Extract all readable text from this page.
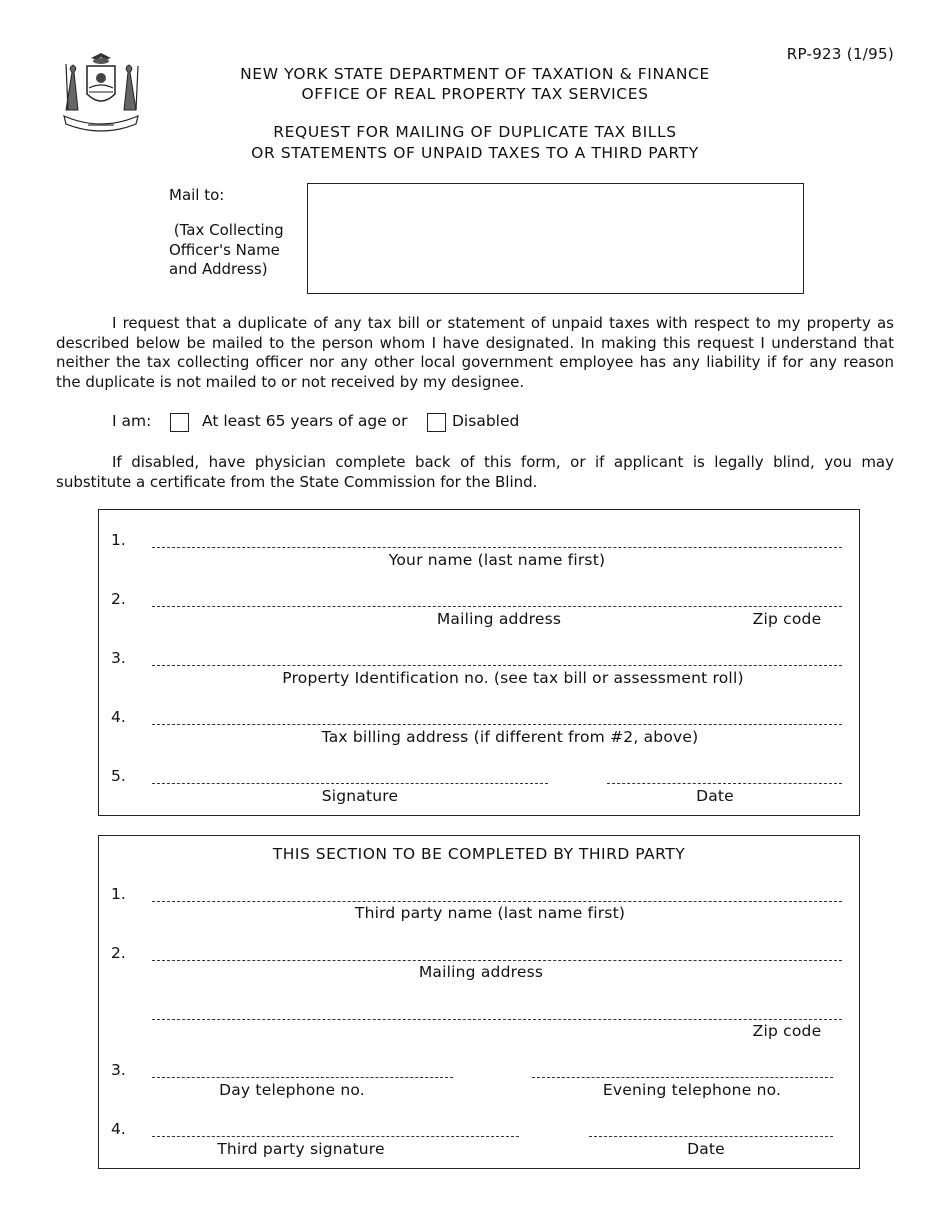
RP-923 (1/95)
NEW YORK STATE DEPARTMENT OF TAXATION & FINANCE
OFFICE OF REAL PROPERTY TAX SERVICES
REQUEST FOR MAILING OF DUPLICATE TAX BILLS
OR STATEMENTS OF UNPAID TAXES TO A THIRD PARTY
Mail to:
(Tax Collecting
Officer's Name
and Address)
I request that a duplicate of any tax bill or statement of unpaid taxes with respect to my property as described below be mailed to the person whom I have designated. In making this request I understand that neither the tax collecting officer nor any other local government employee has any liability if for any reason the duplicate is not mailed to or not received by my designee.
I am:	At least 65 years of age or	Disabled
If disabled, have physician complete back of this form, or if applicant is legally blind, you may substitute a certificate from the State Commission for the Blind.
1.
Your name (last name first)
2.
Mailing address	Zip code
3.
Property Identification no. (see tax bill or assessment roll)
4.
Tax billing address (if different from #2, above)
5.
Signature	Date
THIS SECTION TO BE COMPLETED BY THIRD PARTY
1.
Third party name (last name first)
2.
Mailing address
Zip code
3.
Day telephone no.	Evening telephone no.
4.
Third party signature	Date
